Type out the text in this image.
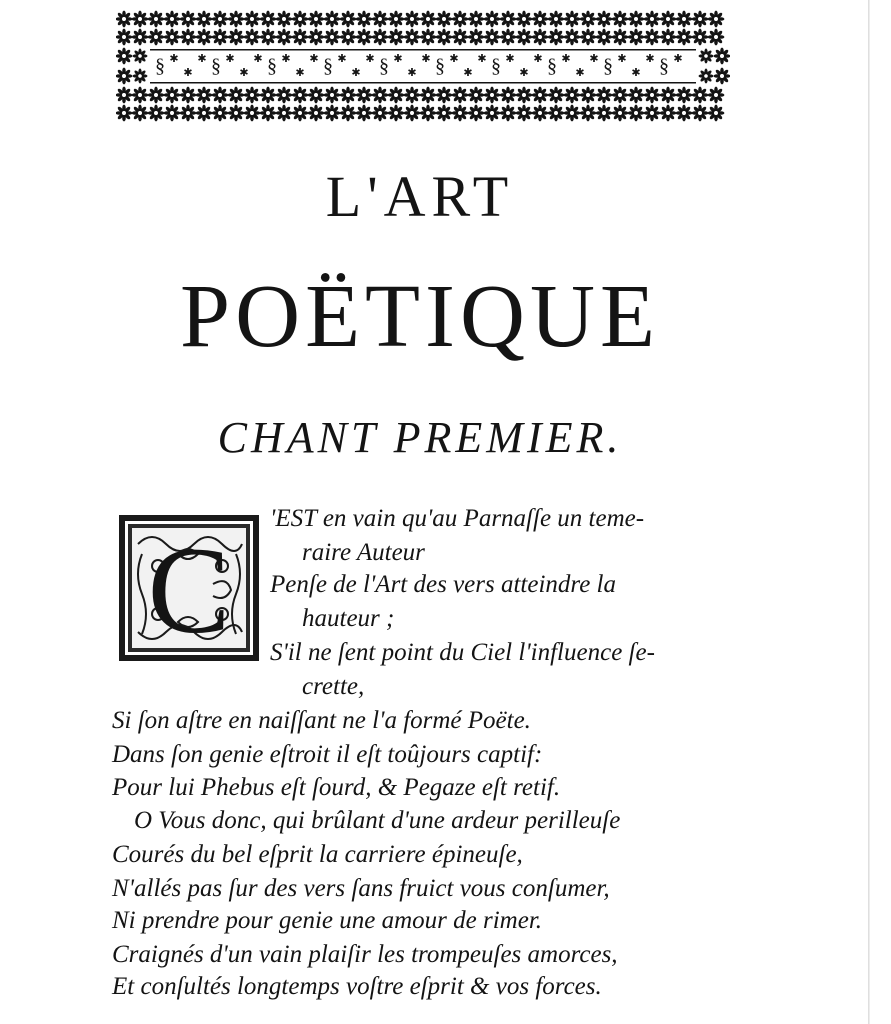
§ ✱
✱
✱ § ✱
✱
✱ § ✱
✱
✱ § ✱
✱
✱ § ✱
✱
✱ § ✱
✱
✱ § ✱
✱
✱ § ✱
✱
✱ § ✱
✱
✱ § ✱
L'ART
POËTIQUE
CHANT PREMIER.
C

'EST en vain qu'au Parnaſſe un teme-

raire Auteur

Penſe de l'Art des vers atteindre la

hauteur ;

S'il ne ſent point du Ciel l'influence ſe-

crette,

Si ſon aſtre en naiſſant ne l'a formé Poëte.

Dans ſon genie eſtroit il eſt toûjours captif:

Pour lui Phebus eſt ſourd, & Pegaze eſt retif.

O Vous donc, qui brûlant d'une ardeur perilleuſe

Courés du bel eſprit la carriere épineuſe,

N'allés pas ſur des vers ſans fruict vous conſumer,

Ni prendre pour genie une amour de rimer.

Craignés d'un vain plaiſir les trompeuſes amorces,

Et conſultés longtemps voſtre eſprit & vos forces.
